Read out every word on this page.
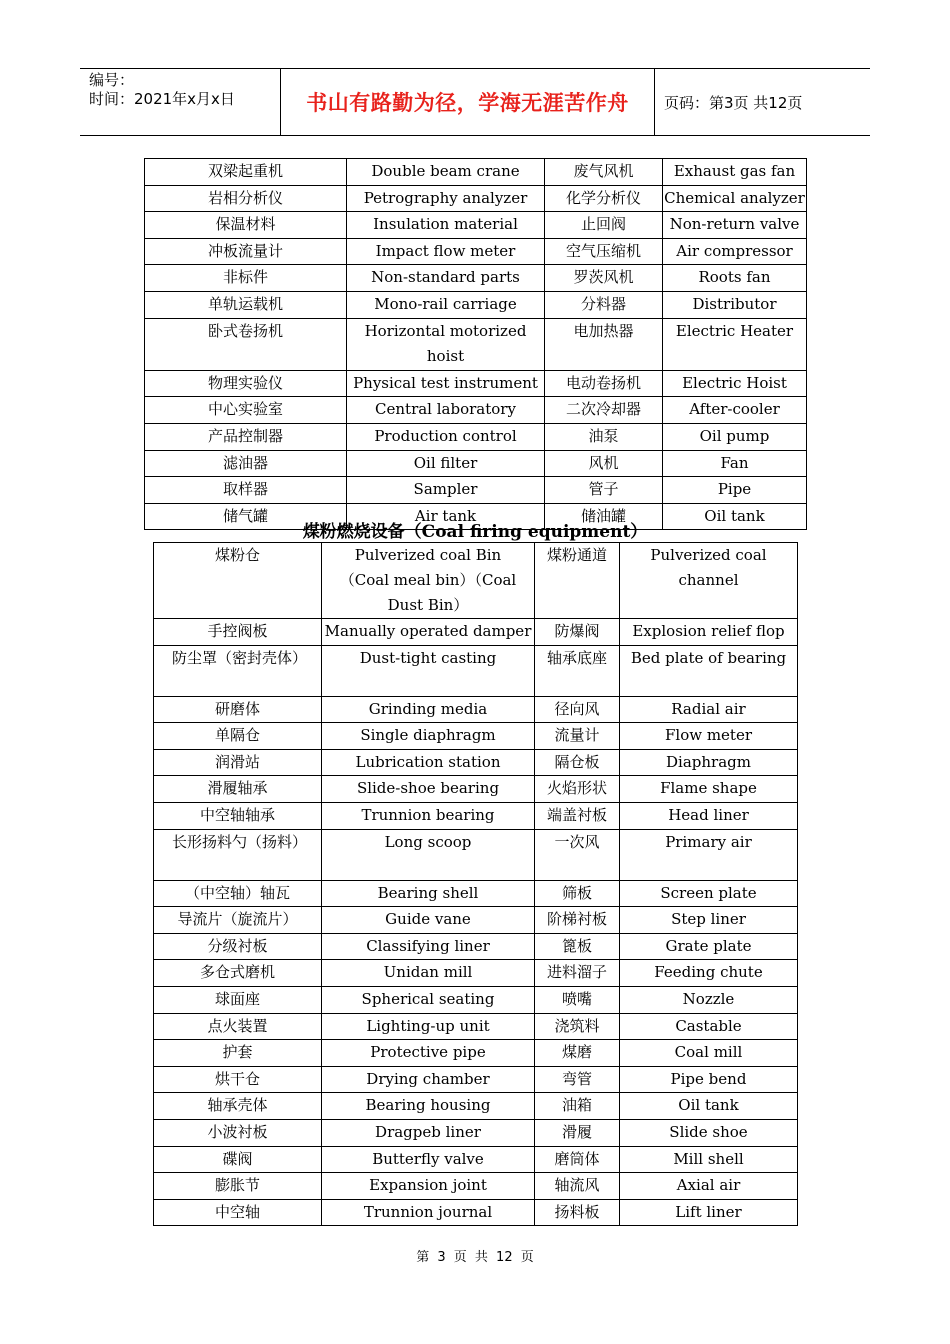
编号：
时间：2021年x月x日	书山有路勤为径，学海无涯苦作舟	页码：第3页 共12页
双梁起重机	Double beam crane	废气风机	Exhaust gas fan
岩相分析仪	Petrography analyzer	化学分析仪	Chemical analyzer
保温材料	Insulation material	止回阀	Non-return valve
冲板流量计	Impact flow meter	空气压缩机	Air compressor
非标件	Non-standard parts	罗茨风机	Roots fan
单轨运载机	Mono-rail carriage	分料器	Distributor
卧式卷扬机	Horizontal motorized hoist	电加热器	Electric Heater
物理实验仪	Physical test instrument	电动卷扬机	Electric Hoist
中心实验室	Central laboratory	二次冷却器	After-cooler
产品控制器	Production control	油泵	Oil pump
滤油器	Oil filter	风机	Fan
取样器	Sampler	管子	Pipe
储气罐	Air tank	储油罐	Oil tank
煤粉燃烧设备（Coal firing equipment）
煤粉仓	Pulverized coal Bin（Coal meal bin）（Coal Dust Bin）	煤粉通道	Pulverized coal channel
手控阀板	Manually operated damper	防爆阀	Explosion relief flop
防尘罩（密封壳体）	Dust-tight casting	轴承底座	Bed plate of bearing
研磨体	Grinding media	径向风	Radial air
单隔仓	Single diaphragm	流量计	Flow meter
润滑站	Lubrication station	隔仓板	Diaphragm
滑履轴承	Slide-shoe bearing	火焰形状	Flame shape
中空轴轴承	Trunnion bearing	端盖衬板	Head liner
长形扬料勺（扬料）	Long scoop	一次风	Primary air
（中空轴）轴瓦	Bearing shell	筛板	Screen plate
导流片（旋流片）	Guide vane	阶梯衬板	Step liner
分级衬板	Classifying liner	篦板	Grate plate
多仓式磨机	Unidan mill	进料溜子	Feeding chute
球面座	Spherical seating	喷嘴	Nozzle
点火装置	Lighting-up unit	浇筑料	Castable
护套	Protective pipe	煤磨	Coal mill
烘干仓	Drying chamber	弯管	Pipe bend
轴承壳体	Bearing housing	油箱	Oil tank
小波衬板	Dragpeb liner	滑履	Slide shoe
碟阀	Butterfly valve	磨筒体	Mill shell
膨胀节	Expansion joint	轴流风	Axial air
中空轴	Trunnion journal	扬料板	Lift liner
第 3 页 共 12 页
